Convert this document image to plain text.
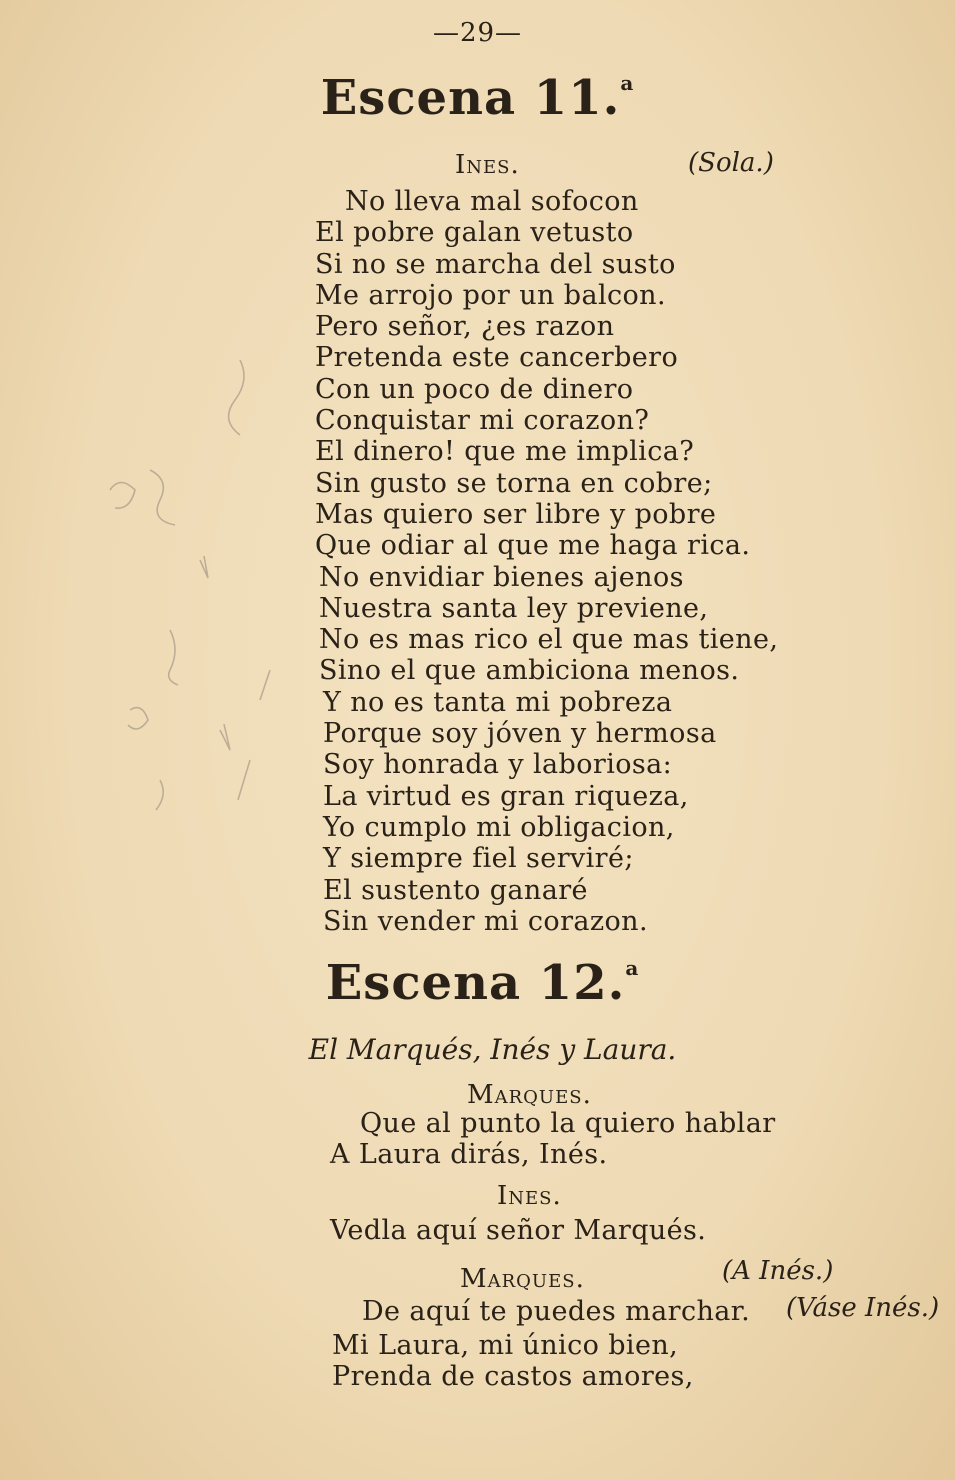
—29—
Escena 11.$^a$
Ines.	(Sola.)
No lleva mal sofocon
El pobre galan vetusto
Si no se marcha del susto
Me arrojo por un balcon.
Pero señor, ¿es razon
Pretenda este cancerbero
Con un poco de dinero
Conquistar mi corazon?
El dinero! que me implica?
Sin gusto se torna en cobre;
Mas quiero ser libre y pobre
Que odiar al que me haga rica.
No envidiar bienes ajenos
Nuestra santa ley previene,
No es mas rico el que mas tiene,
Sino el que ambiciona menos.
Y no es tanta mi pobreza
Porque soy jóven y hermosa
Soy honrada y laboriosa:
La virtud es gran riqueza,
Yo cumplo mi obligacion,
Y siempre fiel serviré;
El sustento ganaré
Sin vender mi corazon.
Escena 12.$^a$
El Marqués, Inés y Laura.
Marques.
Que al punto la quiero hablar
A Laura dirás, Inés.
Ines.
Vedla aquí señor Marqués.
Marques.	(A Inés.)
De aquí te puedes marchar. (Váse Inés.)
Mi Laura, mi único bien,
Prenda de castos amores,
